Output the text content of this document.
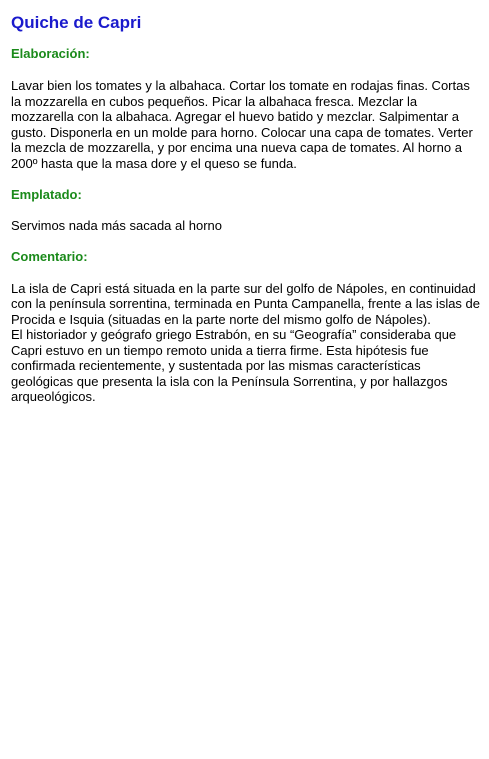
Quiche de Capri
Elaboración:

Lavar bien los tomates y la albahaca. Cortar los tomate en rodajas finas. Cortas la mozzarella en cubos pequeños. Picar la albahaca fresca. Mezclar la mozzarella con la albahaca. Agregar el huevo batido y mezclar. Salpimentar a gusto. Disponerla en un molde para horno. Colocar una capa de tomates. Verter la mezcla de mozzarella, y por encima una nueva capa de tomates. Al horno a 200º hasta que la masa dore y el queso se funda.

Emplatado:

Servimos nada más sacada al horno

Comentario:

La isla de Capri está situada en la parte sur del golfo de Nápoles, en continuidad con la península sorrentina, terminada en Punta Campanella, frente a las islas de Procida e Isquia (situadas en la parte norte del mismo golfo de Nápoles).

El historiador y geógrafo griego Estrabón, en su “Geografía” consideraba que Capri estuvo en un tiempo remoto unida a tierra firme. Esta hipótesis fue confirmada recientemente, y sustentada por las mismas características geológicas que presenta la isla con la Península Sorrentina, y por hallazgos arqueológicos.
